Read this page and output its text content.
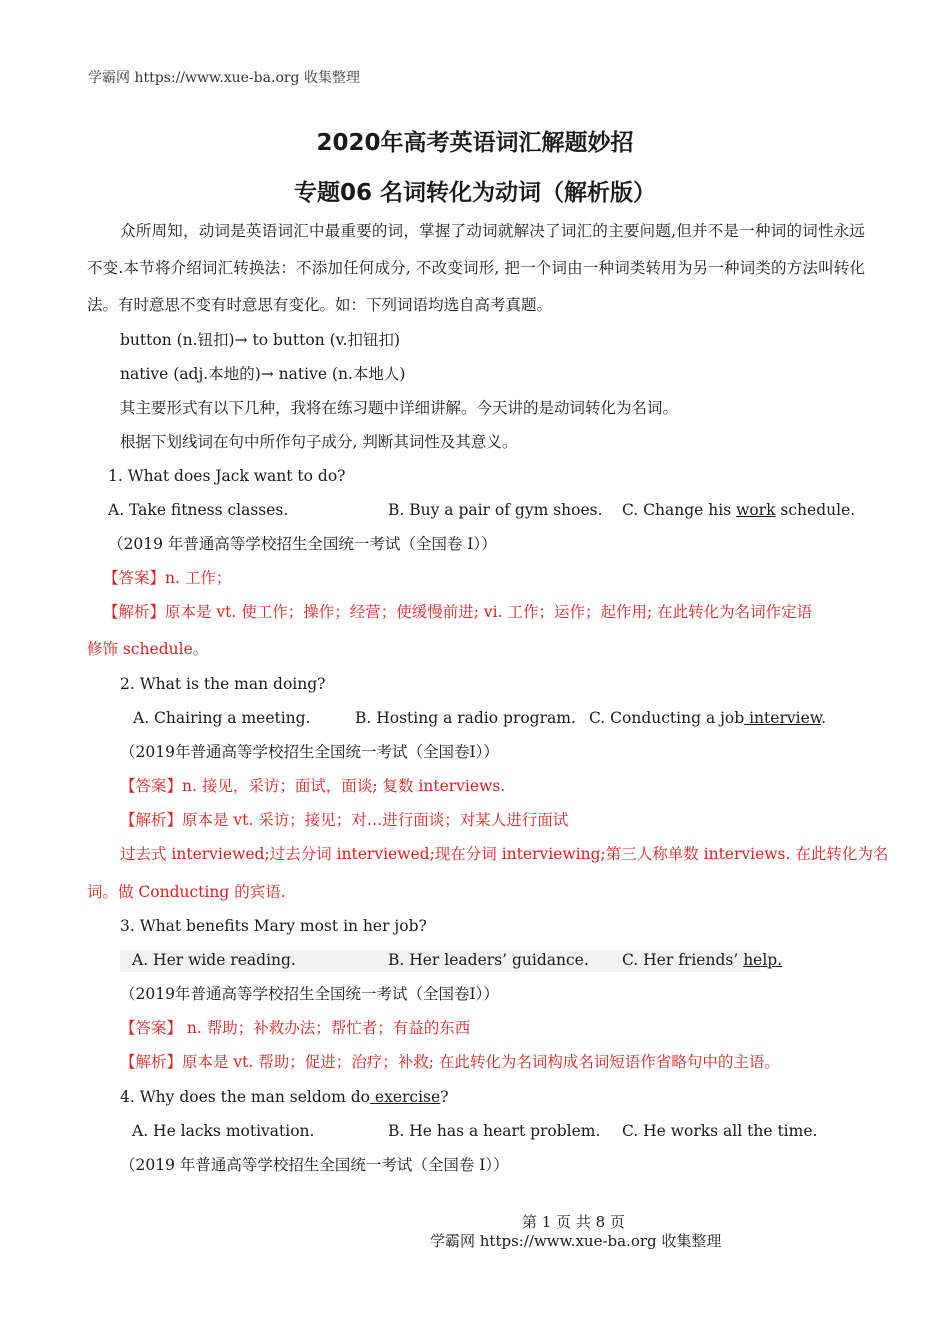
学霸网 https://www.xue-ba.org 收集整理
2020年高考英语词汇解题妙招
专题06 名词转化为动词（解析版）
众所周知，动词是英语词汇中最重要的词，掌握了动词就解决了词汇的主要问题,但并不是一种词的词性永远不变.本节将介绍词汇转换法：不添加任何成分, 不改变词形, 把一个词由一种词类转用为另一种词类的方法叫转化法。有时意思不变有时意思有变化。如：下列词语均选自高考真题。
button (n.钮扣)→ to button (v.扣钮扣)
native (adj.本地的)→ native (n.本地人)
其主要形式有以下几种，我将在练习题中详细讲解。今天讲的是动词转化为名词。
根据下划线词在句中所作句子成分, 判断其词性及其意义。
1. What does Jack want to do?
A. Take fitness classes.	B. Buy a pair of gym shoes. C. Change his work schedule.
（2019 年普通高等学校招生全国统一考试（全国卷 I））
【答案】n. 工作；
【解析】原本是 vt. 使工作；操作；经营；使缓慢前进; vi. 工作；运作；起作用; 在此转化为名词作定语
修饰 schedule。
2. What is the man doing?
A. Chairing a meeting.	B. Hosting a radio program. C. Conducting a job interview.
（2019年普通高等学校招生全国统一考试（全国卷I））
【答案】n. 接见，采访；面试，面谈; 复数 interviews.
【解析】原本是 vt. 采访；接见；对…进行面谈；对某人进行面试
过去式 interviewed;过去分词 interviewed;现在分词 interviewing;第三人称单数 interviews. 在此转化为名
词。做 Conducting 的宾语.
3. What benefits Mary most in her job?
A. Her wide reading.	B. Her leaders’ guidance. C. Her friends’ help.
（2019年普通高等学校招生全国统一考试（全国卷I））
【答案】 n. 帮助；补救办法；帮忙者；有益的东西
【解析】原本是 vt. 帮助；促进；治疗；补救; 在此转化为名词构成名词短语作省略句中的主语。
4. Why does the man seldom do exercise?
A. He lacks motivation.	B. He has a heart problem. C. He works all the time.
（2019 年普通高等学校招生全国统一考试（全国卷 I））
第 1 页 共 8 页
学霸网 https://www.xue-ba.org 收集整理
